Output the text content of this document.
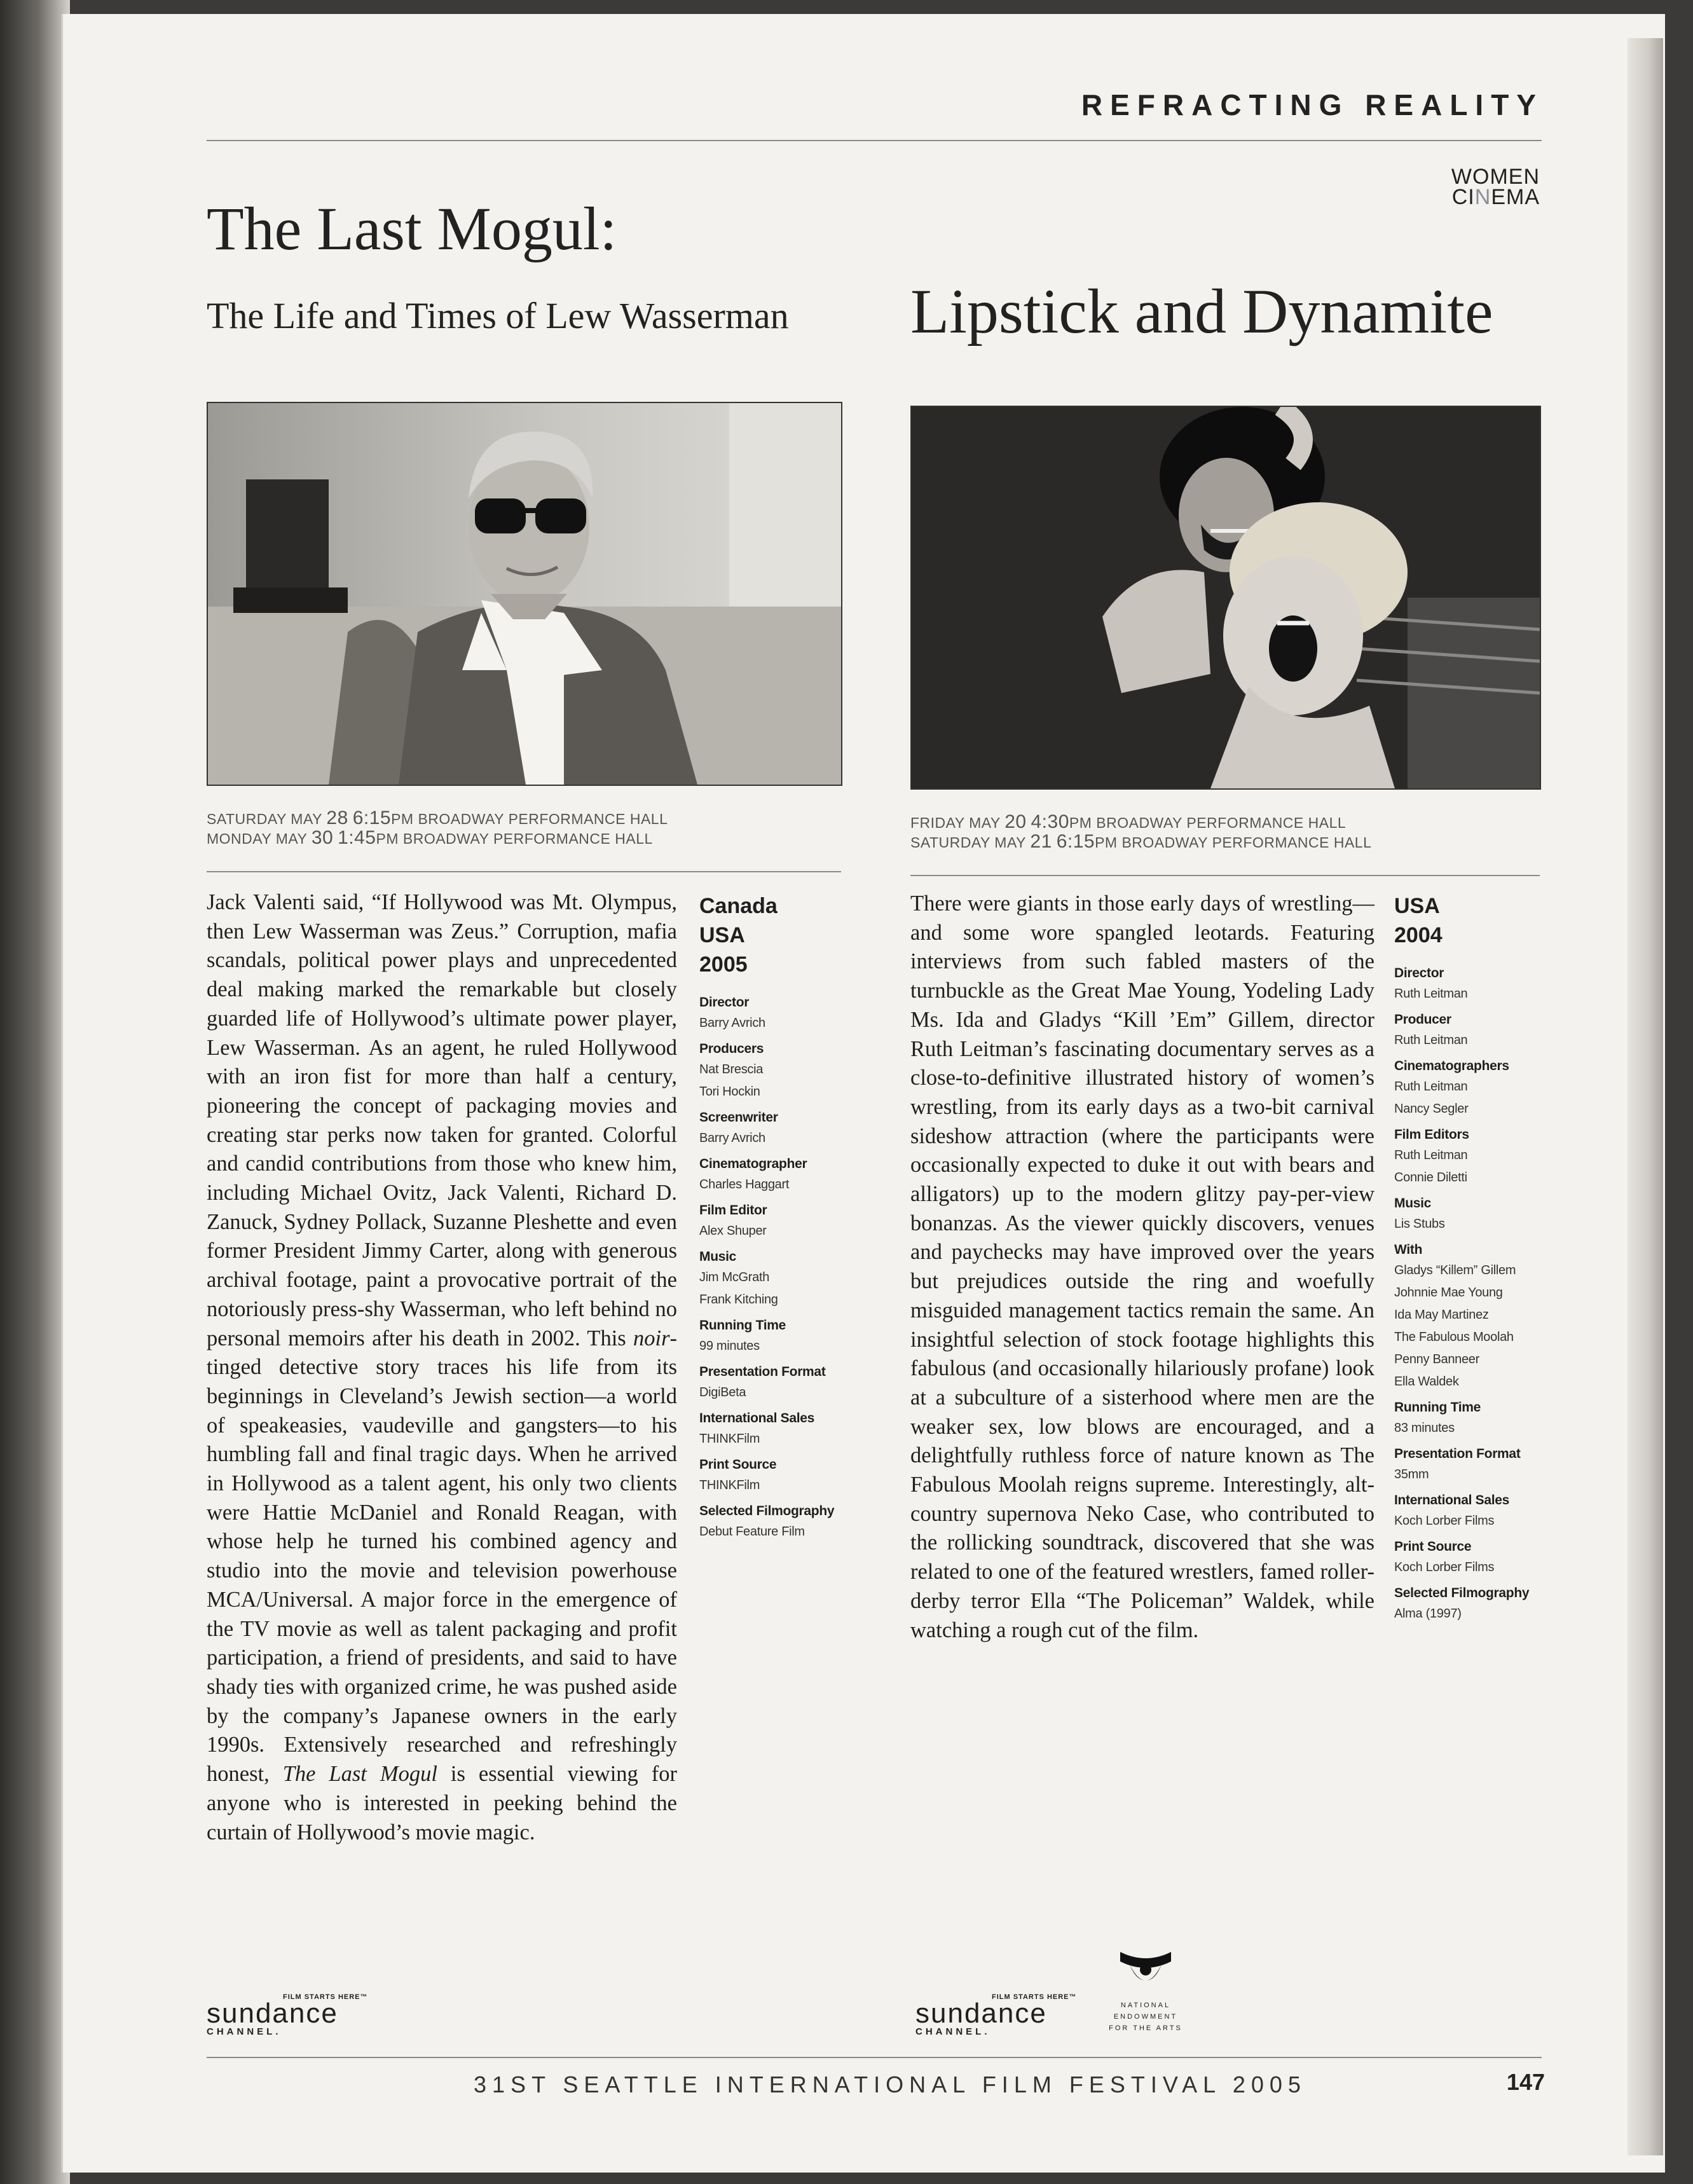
REFRACTING REALITY
WOMEN
CINEMA
The Last Mogul:
The Life and Times of Lew Wasserman Lipstick and Dynamite
SATURDAY MAY 28 6:15PM BROADWAY PERFORMANCE HALL
MONDAY MAY 30 1:45PM BROADWAY PERFORMANCE HALL
FRIDAY MAY 20 4:30PM BROADWAY PERFORMANCE HALL
SATURDAY MAY 21 6:15PM BROADWAY PERFORMANCE HALL
Jack Valenti said, “If Hollywood was Mt. Olympus, then Lew Wasserman was Zeus.” Corruption, mafia scandals, political power plays and unprecedented deal making marked the remarkable but closely guarded life of Hollywood’s ultimate power player, Lew Wasserman. As an agent, he ruled Hollywood with an iron fist for more than half a century, pioneering the concept of packaging movies and creating star perks now taken for granted. Colorful and candid contributions from those who knew him, including Michael Ovitz, Jack Valenti, Richard D. Zanuck, Sydney Pollack, Suzanne Pleshette and even former President Jimmy Carter, along with generous archival footage, paint a provocative portrait of the notoriously press-shy Wasserman, who left behind no personal memoirs after his death in 2002. This noir-tinged detective story traces his life from its beginnings in Cleveland’s Jewish section—a world of speakeasies, vaudeville and gangsters—to his humbling fall and final tragic days. When he arrived in Hollywood as a talent agent, his only two clients were Hattie McDaniel and Ronald Reagan, with whose help he turned his combined agency and studio into the movie and television powerhouse MCA/Universal. A major force in the emergence of the TV movie as well as talent packaging and profit participation, a friend of presidents, and said to have shady ties with organized crime, he was pushed aside by the company’s Japanese owners in the early 1990s. Extensively researched and refreshingly honest, The Last Mogul is essential viewing for anyone who is interested in peeking behind the curtain of Hollywood’s movie magic.
Canada
USA
2005
Director
Barry Avrich
Producers
Nat Brescia
Tori Hockin
Screenwriter
Barry Avrich
Cinematographer
Charles Haggart
Film Editor
Alex Shuper
Music
Jim McGrath
Frank Kitching
Running Time
99 minutes
Presentation Format
DigiBeta
International Sales
THINKFilm
Print Source
THINKFilm
Selected Filmography
Debut Feature Film
There were giants in those early days of wrestling—and some wore spangled leotards. Featuring interviews from such fabled masters of the turnbuckle as the Great Mae Young, Yodeling Lady Ms. Ida and Gladys “Kill ’Em” Gillem, director Ruth Leitman’s fascinating documentary serves as a close-to-definitive illustrated history of women’s wrestling, from its early days as a two-bit carnival sideshow attraction (where the participants were occasionally expected to duke it out with bears and alligators) up to the modern glitzy pay-per-view bonanzas. As the viewer quickly discovers, venues and paychecks may have improved over the years but prejudices outside the ring and woefully misguided management tactics remain the same. An insightful selection of stock footage highlights this fabulous (and occasionally hilariously profane) look at a subculture of a sisterhood where men are the weaker sex, low blows are encouraged, and a delightfully ruthless force of nature known as The Fabulous Moolah reigns supreme. Interestingly, alt-country supernova Neko Case, who contributed to the rollicking soundtrack, discovered that she was related to one of the featured wrestlers, famed roller-derby terror Ella “The Policeman” Waldek, while watching a rough cut of the film.
USA
2004
Director
Ruth Leitman
Producer
Ruth Leitman
Cinematographers
Ruth Leitman
Nancy Segler
Film Editors
Ruth Leitman
Connie Diletti
Music
Lis Stubs
With
Gladys “Killem” Gillem
Johnnie Mae Young
Ida May Martinez
The Fabulous Moolah
Penny Banneer
Ella Waldek
Running Time
83 minutes
Presentation Format
35mm
International Sales
Koch Lorber Films
Print Source
Koch Lorber Films
Selected Filmography
Alma (1997)
FILM STARTS HERE™
sundance
CHANNEL.
FILM STARTS HERE™
sundance
CHANNEL.
NATIONAL
ENDOWMENT
FOR THE ARTS
31ST SEATTLE INTERNATIONAL FILM FESTIVAL 2005	147
